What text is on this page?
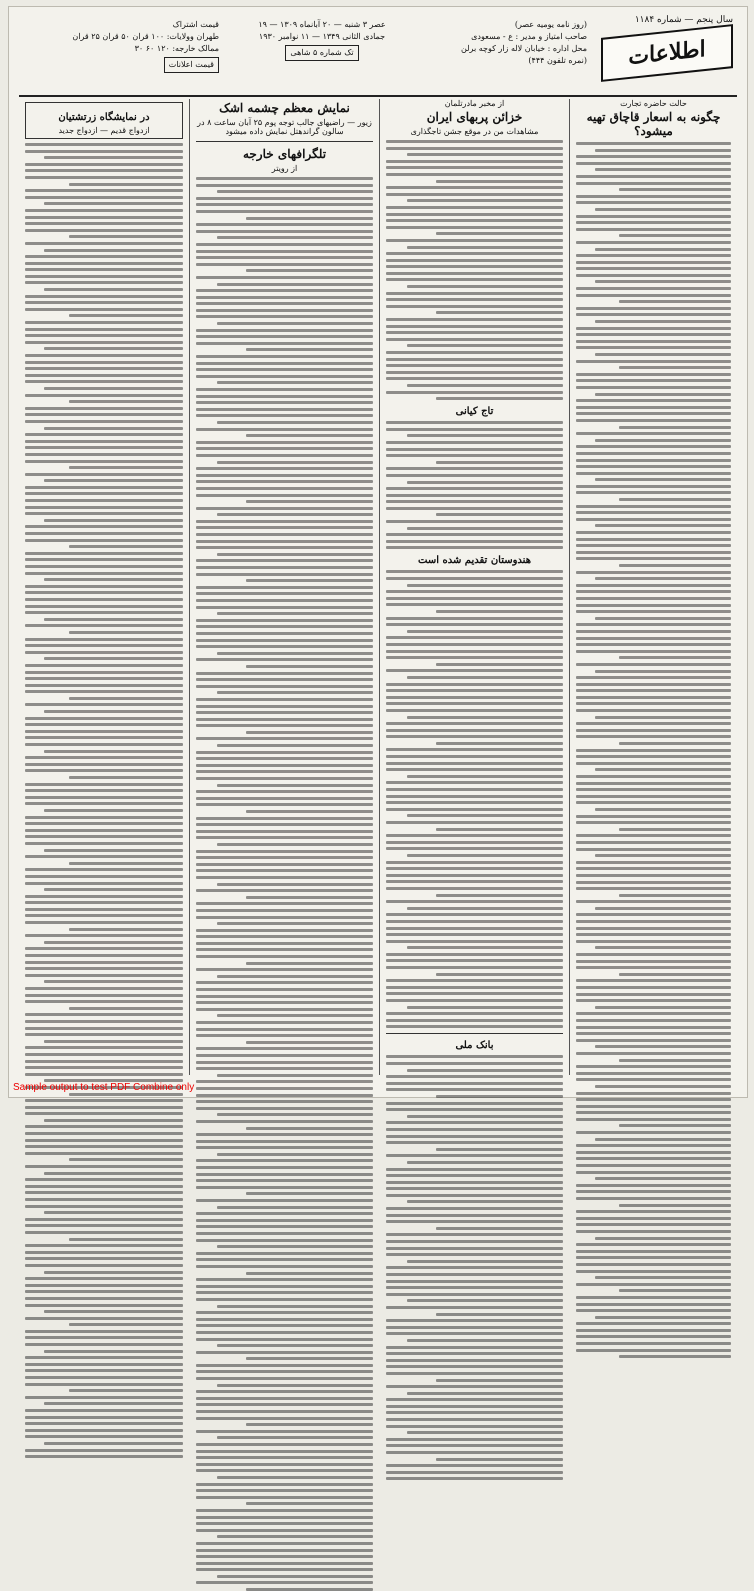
سال پنجم — شماره ۱۱۸۴
اطلاعات
(روز نامه یومیه عصر)
صاحب امتیاز و مدیر : ع - مسعودی
محل اداره : خیابان لاله زار کوچه برلن
(نمره تلفون ۴۴۴)
عصر ۳ شنبه — ۲۰ آبانماه ۱۳۰۹ — ۱۹ جمادی الثانی ۱۳۴۹ — ۱۱ نوامبر ۱۹۳۰
تک شماره ۵ شاهی
قیمت اشتراک
طهران وولایات: ۱۰۰ قران ۵۰ قران ۲۵ قران
ممالک خارجه: ۱۲۰ ۶۰ ۳۰
قیمت اعلانات

حالت حاضره تجارت

چگونه به اسعار قاچاق تهیه میشود؟

از مخبر مادرتلمان

خزائن پربهای ایران

مشاهدات من در موقع جشن تاجگذاری

تاج کیانی
هندوستان تقدیم شده است
بانک ملی
نمایش معظم چشمه اشک

زیور — راضیهای جالب توجه پوم ۲۵ آبان ساعت ۸ در سالون گراندهتل نمایش داده میشود

تلگرافهای خارجه

از رویتر

در نمایشگاه زرتشتیان

ازدواج قدیم — ازدواج جدید

Sample output to test PDF Combine only
